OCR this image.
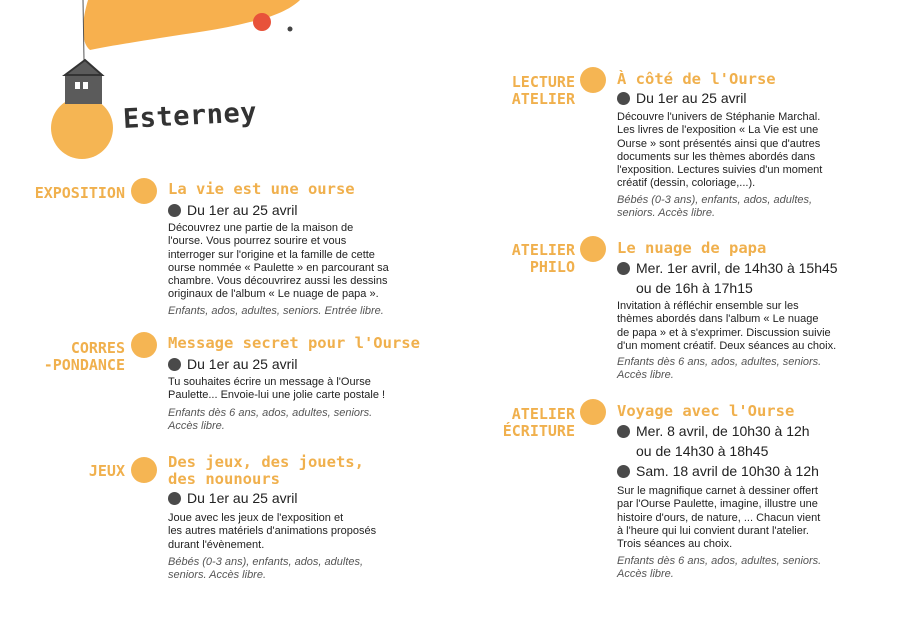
Esterney
EXPOSITION	La vie est une ourse
Du 1er au 25 avril
Découvrez une partie de la maison de
l'ourse. Vous pourrez sourire et vous
interroger sur l'origine et la famille de cette
ourse nommée « Paulette » en parcourant sa
chambre. Vous découvrirez aussi les dessins
originaux de l'album « Le nuage de papa ».
Enfants, ados, adultes, seniors. Entrée libre.
CORRES
-PONDANCE
Message secret pour l'Ourse
Du 1er au 25 avril
Tu souhaites écrire un message à l'Ourse
Paulette... Envoie-lui une jolie carte postale !
Enfants dès 6 ans, ados, adultes, seniors.
Accès libre.
JEUX	Des jeux, des jouets,
des nounours
Du 1er au 25 avril
Joue avec les jeux de l'exposition et
les autres matériels d'animations proposés
durant l'évènement.
Bébés (0-3 ans), enfants, ados, adultes,
seniors. Accès libre.
LECTURE
ATELIER
À côté de l'Ourse
Du 1er au 25 avril
Découvre l'univers de Stéphanie Marchal.
Les livres de l'exposition « La Vie est une
Ourse » sont présentés ainsi que d'autres
documents sur les thèmes abordés dans
l'exposition. Lectures suivies d'un moment
créatif (dessin, coloriage,...).
Bébés (0-3 ans), enfants, ados, adultes,
seniors. Accès libre.
ATELIER
PHILO
Le nuage de papa
Mer. 1er avril, de 14h30 à 15h45
ou de 16h à 17h15
Invitation à réfléchir ensemble sur les
thèmes abordés dans l'album « Le nuage
de papa » et à s'exprimer. Discussion suivie
d'un moment créatif. Deux séances au choix.
Enfants dès 6 ans, ados, adultes, seniors.
Accès libre.
ATELIER
ÉCRITURE
Voyage avec l'Ourse
Mer. 8 avril, de 10h30 à 12h
ou de 14h30 à 18h45
Sam. 18 avril de 10h30 à 12h
Sur le magnifique carnet à dessiner offert
par l'Ourse Paulette, imagine, illustre une
histoire d'ours, de nature, ... Chacun vient
à l'heure qui lui convient durant l'atelier.
Trois séances au choix.
Enfants dès 6 ans, ados, adultes, seniors.
Accès libre.
